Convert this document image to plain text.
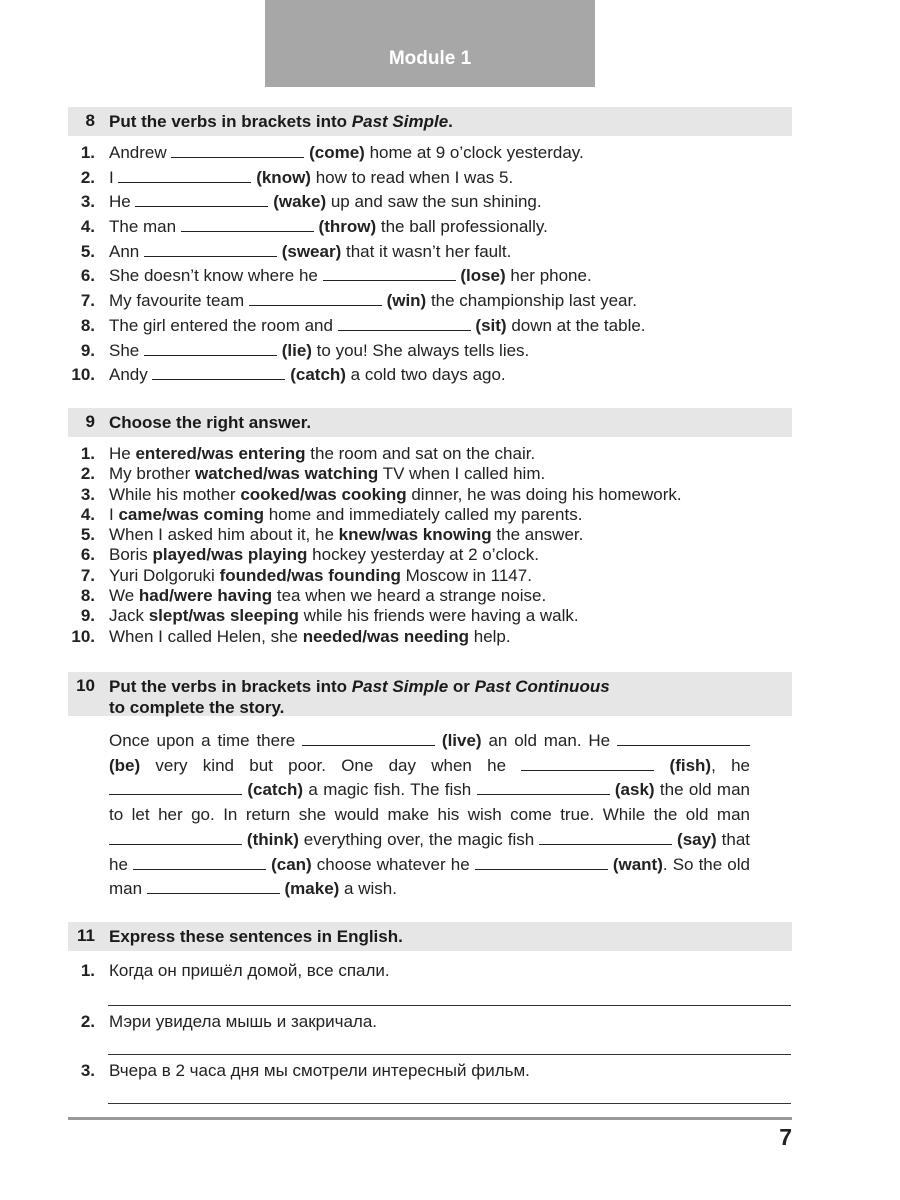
Module 1
8 Put the verbs in brackets into Past Simple.
1. Andrew	(come) home at 9 o’clock yesterday.
2. I	(know) how to read when I was 5.
3. He	(wake) up and saw the sun shining.
4. The man	(throw) the ball professionally.
5. Ann	(swear) that it wasn’t her fault.
6. She doesn’t know where he	(lose) her phone.
7. My favourite team	(win) the championship last year.
8. The girl entered the room and	(sit) down at the table.
9. She	(lie) to you! She always tells lies.
10. Andy	(catch) a cold two days ago.
9 Choose the right answer.
1. He entered/was entering the room and sat on the chair.
2. My brother watched/was watching TV when I called him.
3. While his mother cooked/was cooking dinner, he was doing his homework.
4. I came/was coming home and immediately called my parents.
5. When I asked him about it, he knew/was knowing the answer.
6. Boris played/was playing hockey yesterday at 2 o’clock.
7. Yuri Dolgoruki founded/was founding Moscow in 1147.
8. We had/were having tea when we heard a strange noise.
9. Jack slept/was sleeping while his friends were having a walk.
10. When I called Helen, she needed/was needing help.
10 Put the verbs in brackets into Past Simple or Past Continuous
to complete the story.
Once upon a time there	(live) an old man. He  (be) very kind but poor. One day when he	(fish), he  (catch) a magic fish. The fish	(ask) the old man to let her go. In return she would make his wish come true. While the old man  (think) everything over, the magic fish	(say) that he	(can) choose whatever he	(want). So the old man	(make) a wish.
11 Express these sentences in English.
1. Когда он пришёл домой, все спали.
2. Мэри увидела мышь и закричала.
3. Вчера в 2 часа дня мы смотрели интересный фильм.
7
